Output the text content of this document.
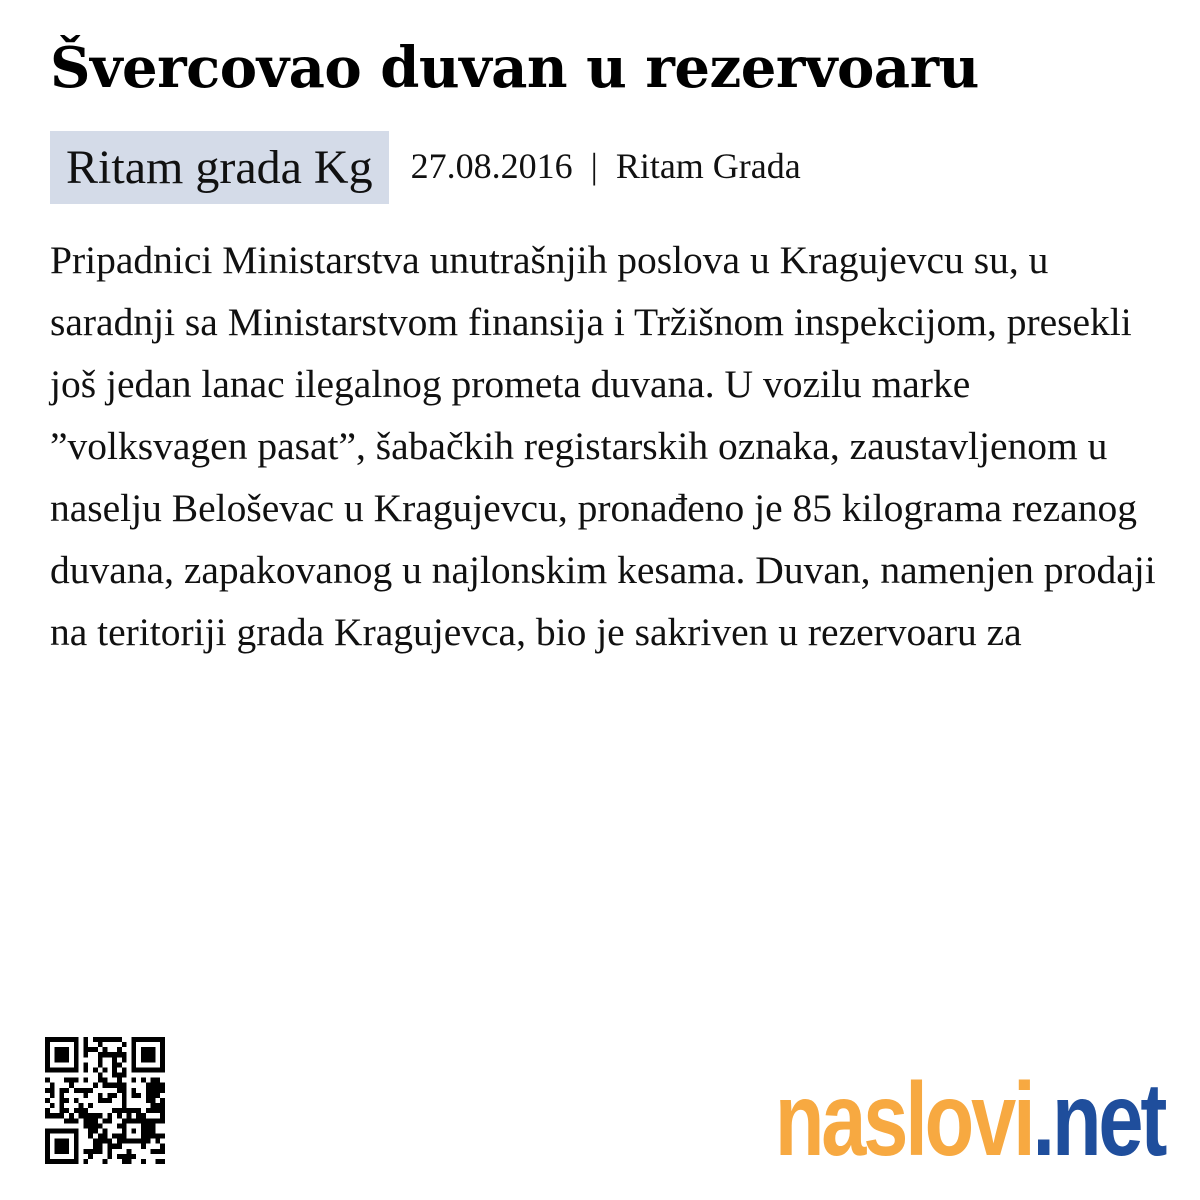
Švercovao duvan u rezervoaru
Ritam grada Kg	27.08.2016 | Ritam Grada

Pripadnici Ministarstva unutrašnjih poslova u Kragujevcu su, u saradnji sa Ministarstvom finansija i Tržišnom inspekcijom, presekli još jedan lanac ilegalnog prometa duvana. U vozilu marke ”volksvagen pasat”, šabačkih registarskih oznaka, zaustavljenom u naselju Beloševac u Kragujevcu, pronađeno je 85 kilograma rezanog duvana, zapakovanog u najlonskim kesama. Duvan, namenjen prodaji na teritoriji grada Kragujevca, bio je sakriven u rezervoaru za

naslovi .net
